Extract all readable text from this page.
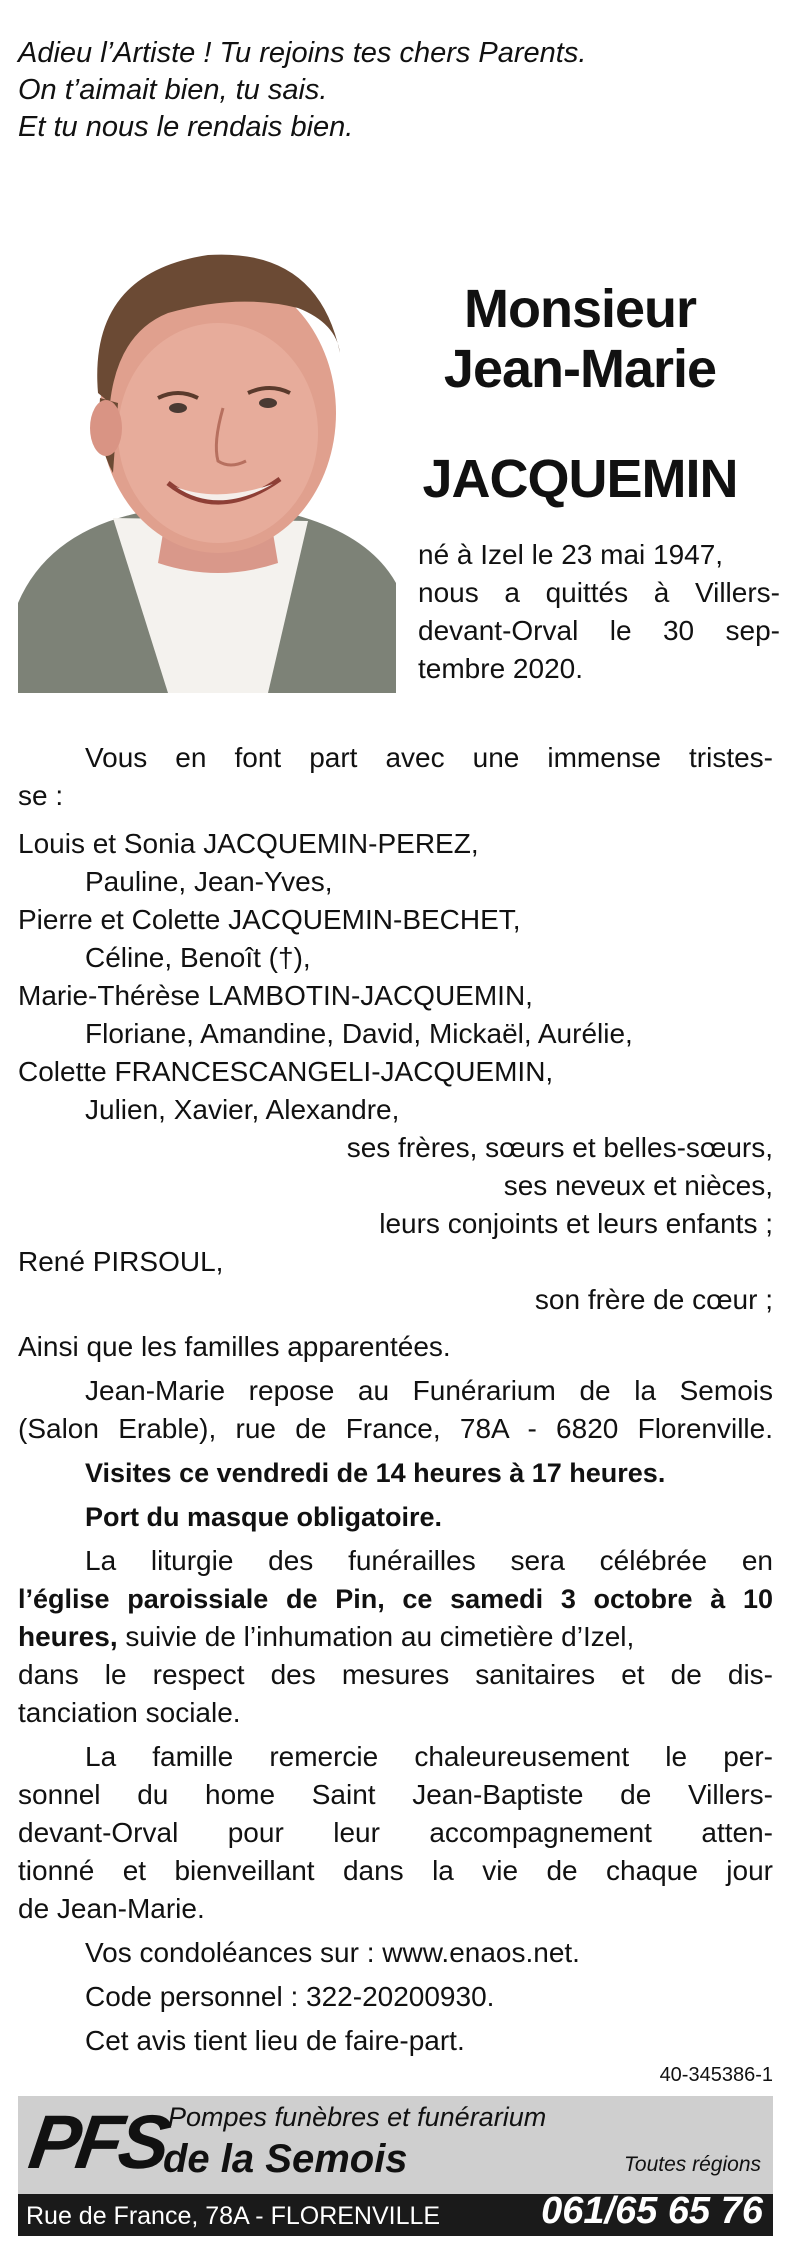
Adieu l’Artiste ! Tu rejoins tes chers Parents.
On t’aimait bien, tu sais.
Et tu nous le rendais bien.
Monsieur
Jean-Marie
JACQUEMIN
né à Izel le 23 mai 1947,
nous a quittés à Villers-
devant-Orval le 30 sep-
tembre 2020.
Vous en font part avec une immense tristes-
se :
Louis et Sonia JACQUEMIN-PEREZ,
Pauline, Jean-Yves,
Pierre et Colette JACQUEMIN-BECHET,
Céline, Benoît (†),
Marie-Thérèse LAMBOTIN-JACQUEMIN,
Floriane, Amandine, David, Mickaël, Aurélie,
Colette FRANCESCANGELI-JACQUEMIN,
Julien, Xavier, Alexandre,
ses frères, sœurs et belles-sœurs,
ses neveux et nièces,
leurs conjoints et leurs enfants ;
René PIRSOUL,
son frère de cœur ;
Ainsi que les familles apparentées.
Jean-Marie repose au Funérarium de la Semois
(Salon Erable), rue de France, 78A - 6820 Florenville.
Visites ce vendredi de 14 heures à 17 heures.
Port du masque obligatoire.
La liturgie des funérailles sera célébrée en
l’église paroissiale de Pin, ce samedi 3 octobre à 10
heures, suivie de l’inhumation au cimetière d’Izel,
dans le respect des mesures sanitaires et de dis-
tanciation sociale.
La famille remercie chaleureusement le per-
sonnel du home Saint Jean-Baptiste de Villers-
devant-Orval pour leur accompagnement atten-
tionné et bienveillant dans la vie de chaque jour
de Jean-Marie.
Vos condoléances sur : www.enaos.net.
Code personnel : 322-20200930.
Cet avis tient lieu de faire-part.
40-345386-1
PFS
Pompes funèbres et funérarium
de la Semois	Toutes régions
Rue de France, 78A - FLORENVILLE	061/65 65 76
